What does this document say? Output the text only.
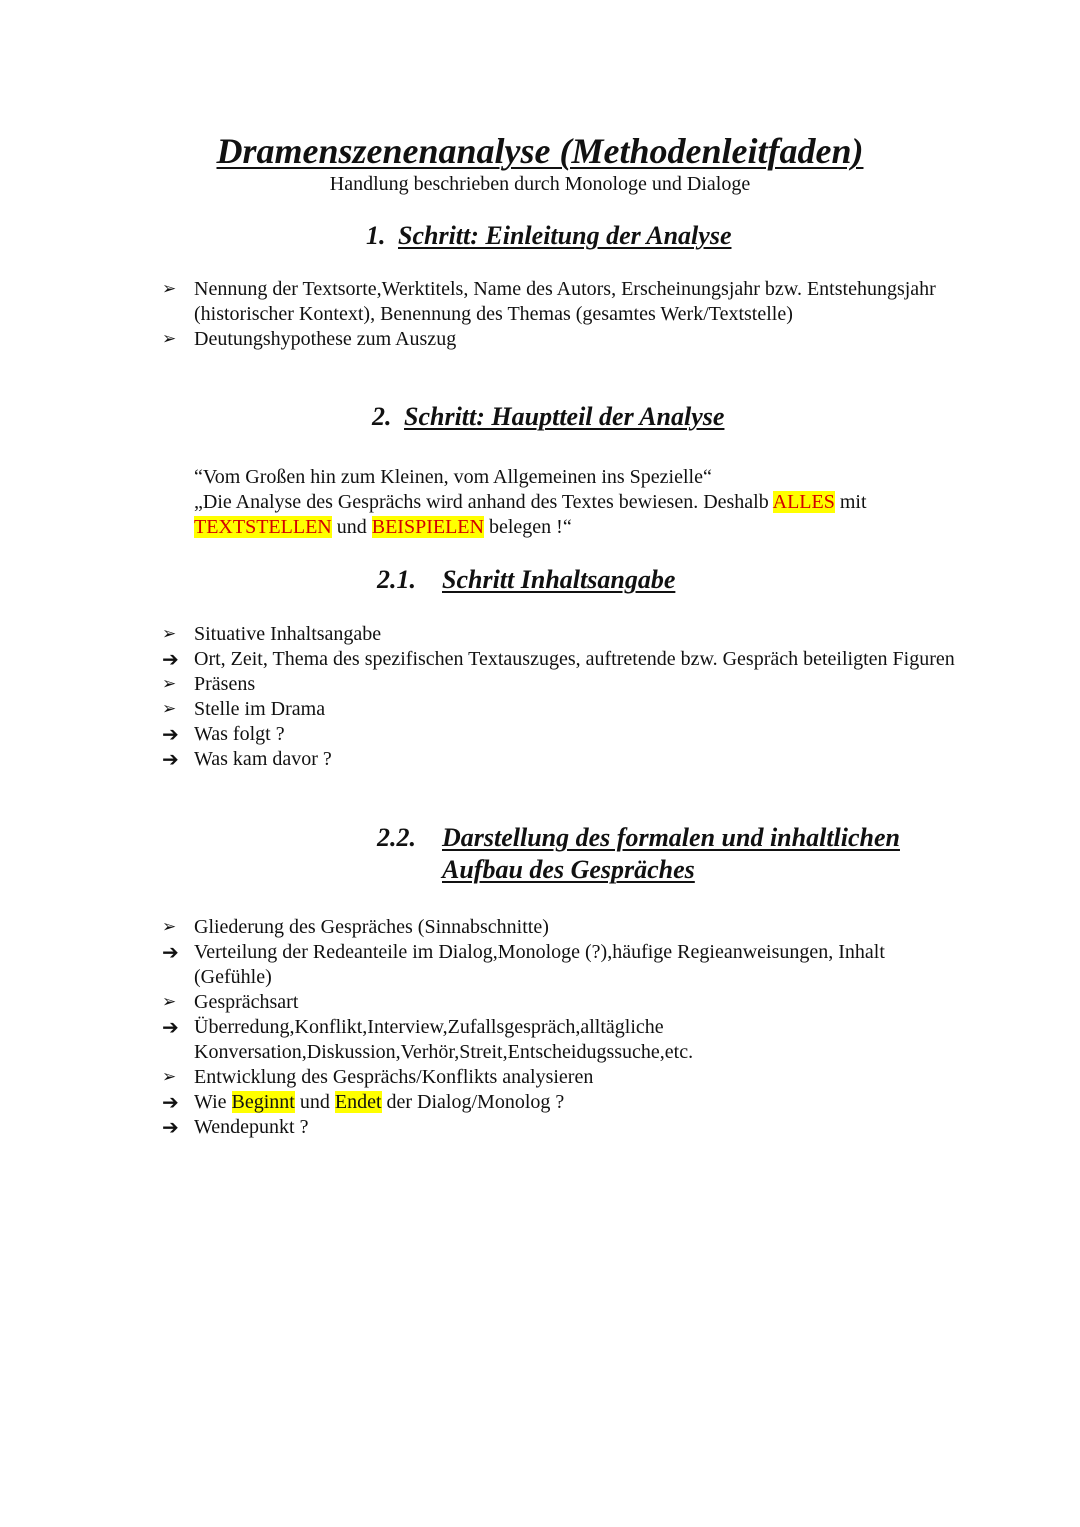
Dramenszenenanalyse (Methodenleitfaden)

Handlung beschrieben durch Monologe und Dialoge

1. Schritt: Einleitung der Analyse
➢ Nennung der Textsorte,Werktitels, Name des Autors, Erscheinungsjahr bzw. Entstehungsjahr (historischer Kontext), Benennung des Themas (gesamtes Werk/Textstelle)
➢ Deutungshypothese zum Auszug
2. Schritt: Hauptteil der Analyse

“Vom Großen hin zum Kleinen, vom Allgemeinen ins Spezielle“

„Die Analyse des Gesprächs wird anhand des Textes bewiesen. Deshalb ALLES mit TEXTSTELLEN und BEISPIELEN belegen !“

2.1. Schritt Inhaltsangabe
➢ Situative Inhaltsangabe
➔ Ort, Zeit, Thema des spezifischen Textauszuges, auftretende bzw. Gespräch beteiligten Figuren
➢ Präsens
➢ Stelle im Drama
➔ Was folgt ?
➔ Was kam davor ?
2.2. Darstellung des formalen und inhaltlichen Aufbau des Gespräches
➢ Gliederung des Gespräches (Sinnabschnitte)
➔ Verteilung der Redeanteile im Dialog,Monologe (?),häufige Regieanweisungen, Inhalt (Gefühle)
➢ Gesprächsart
➔ Überredung,Konflikt,Interview,Zufallsgespräch,alltägliche Konversation,Diskussion,Verhör,Streit,Entscheidugssuche,etc.
➢ Entwicklung des Gesprächs/Konflikts analysieren
➔ Wie Beginnt und Endet der Dialog/Monolog ?
➔ Wendepunkt ?
